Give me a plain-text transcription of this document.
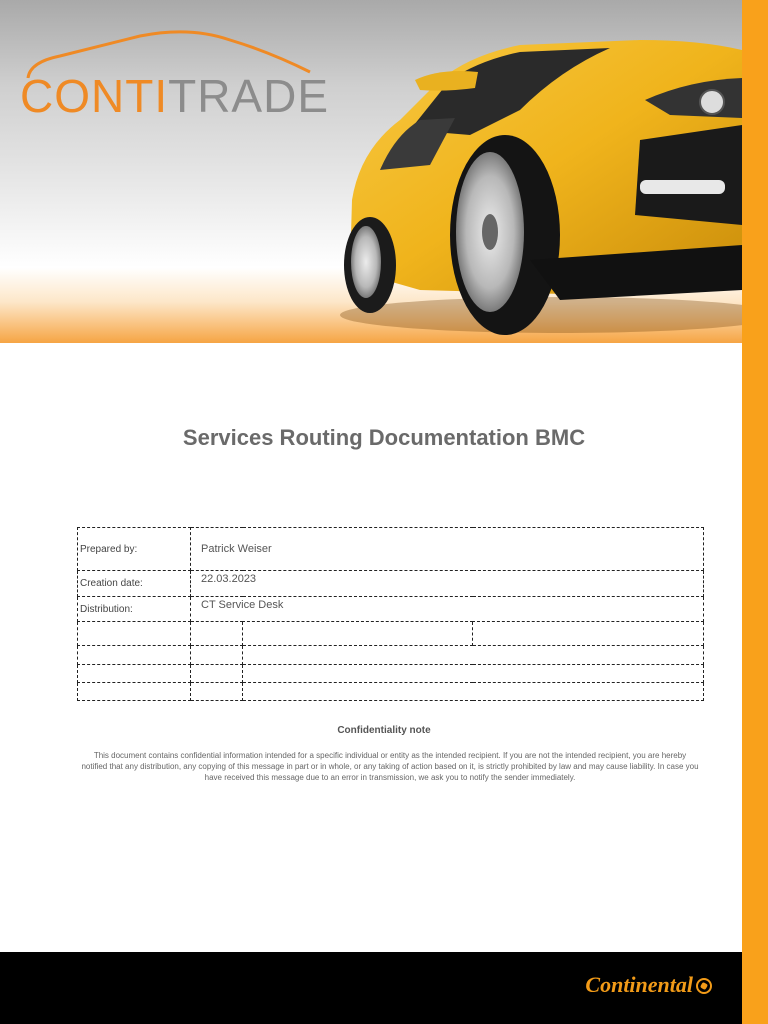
CONTITRADE
Services Routing Documentation BMC
Prepared by:	Patrick Weiser		
Creation date:	22.03.2023		
Distribution:	CT Service Desk		

Confidentiality note
This document contains confidential information intended for a specific individual or entity as the intended recipient. If you are not the intended recipient, you are hereby notified that any distribution, any copying of this message in part or in whole, or any taking of action based on it, is strictly prohibited by law and may cause liability. In case you have received this message due to an error in transmission, we ask you to notify the sender immediately.
Continental
